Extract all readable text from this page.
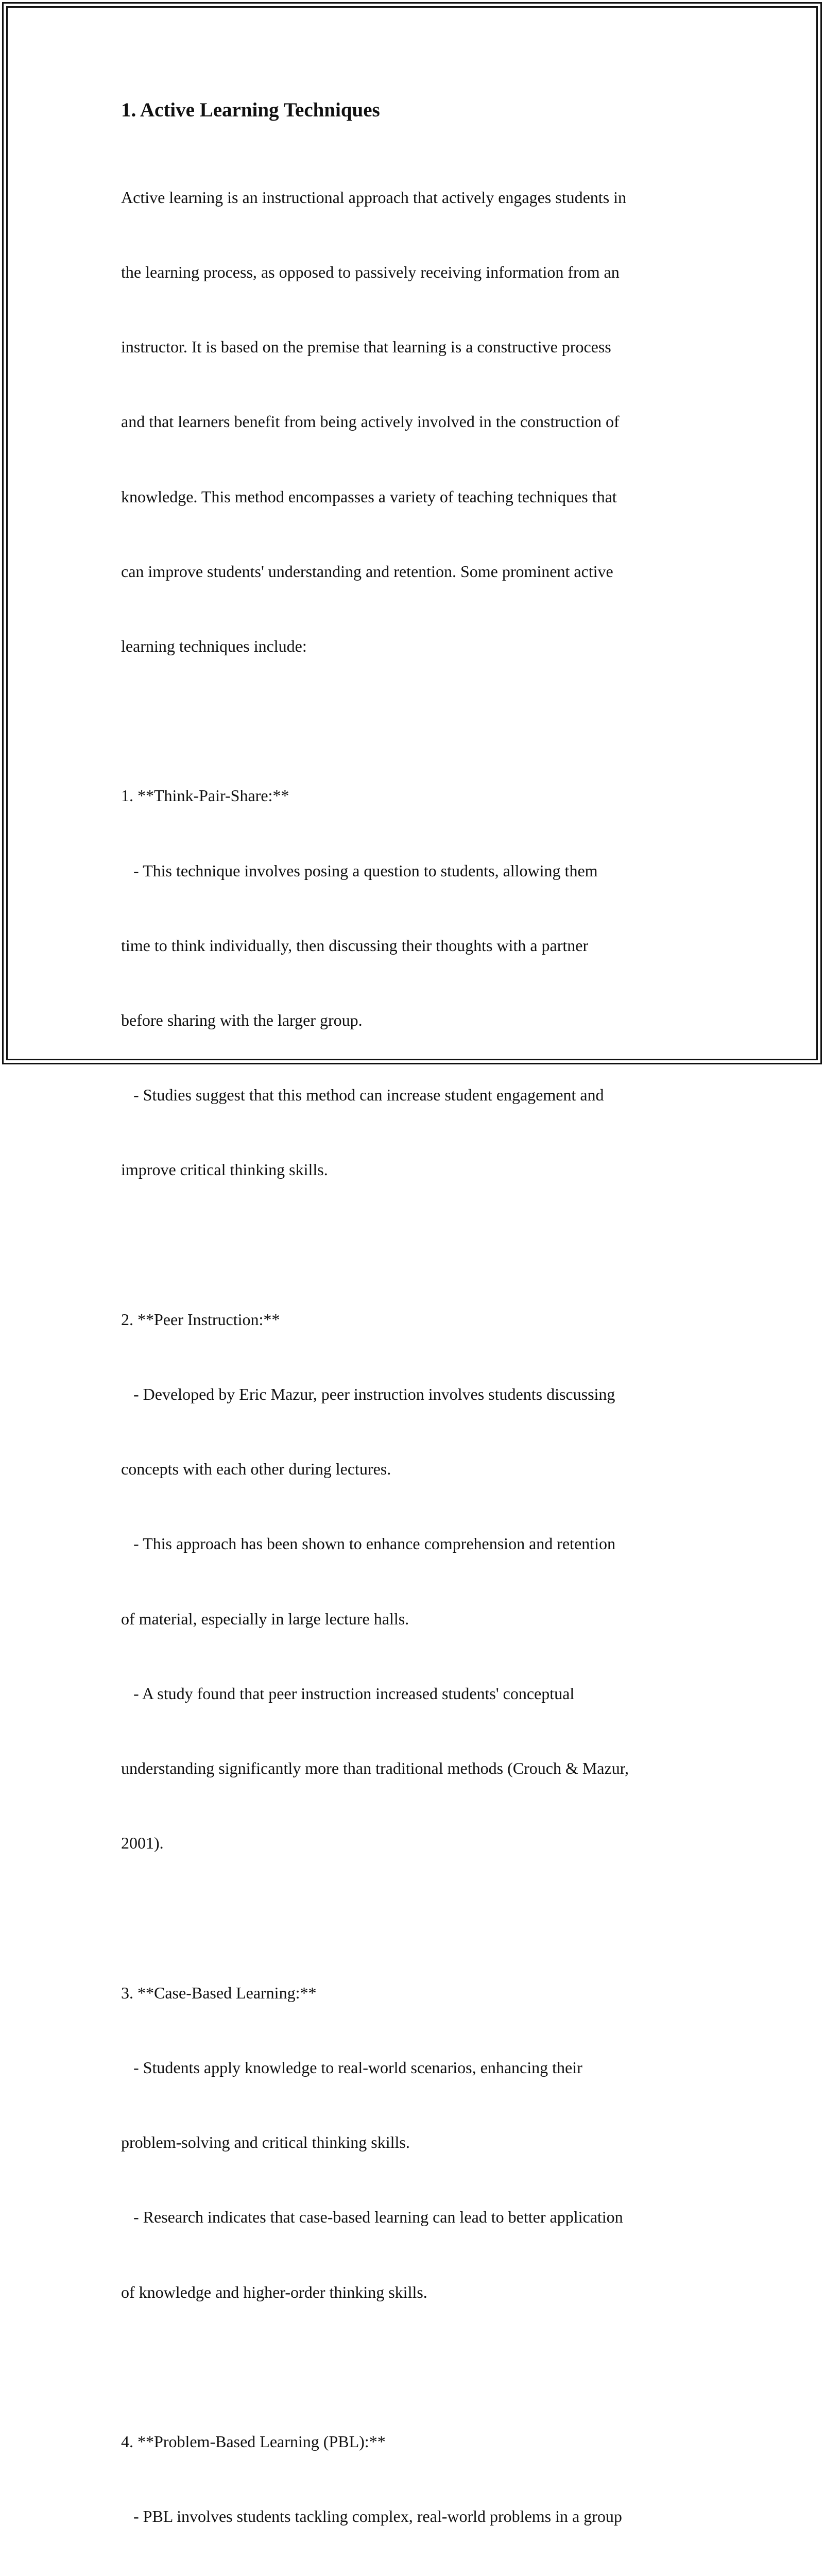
1. Active Learning Techniques

Active learning is an instructional approach that actively engages students in

the learning process, as opposed to passively receiving information from an

instructor. It is based on the premise that learning is a constructive process

and that learners benefit from being actively involved in the construction of

knowledge. This method encompasses a variety of teaching techniques that

can improve students' understanding and retention. Some prominent active

learning techniques include:

1. **Think-Pair-Share:**

- This technique involves posing a question to students, allowing them

time to think individually, then discussing their thoughts with a partner

before sharing with the larger group.

- Studies suggest that this method can increase student engagement and

improve critical thinking skills.

2. **Peer Instruction:**

- Developed by Eric Mazur, peer instruction involves students discussing

concepts with each other during lectures.

- This approach has been shown to enhance comprehension and retention

of material, especially in large lecture halls.

- A study found that peer instruction increased students' conceptual

understanding significantly more than traditional methods (Crouch & Mazur,

2001).

3. **Case-Based Learning:**

- Students apply knowledge to real-world scenarios, enhancing their

problem-solving and critical thinking skills.

- Research indicates that case-based learning can lead to better application

of knowledge and higher-order thinking skills.

4. **Problem-Based Learning (PBL):**

- PBL involves students tackling complex, real-world problems in a group
